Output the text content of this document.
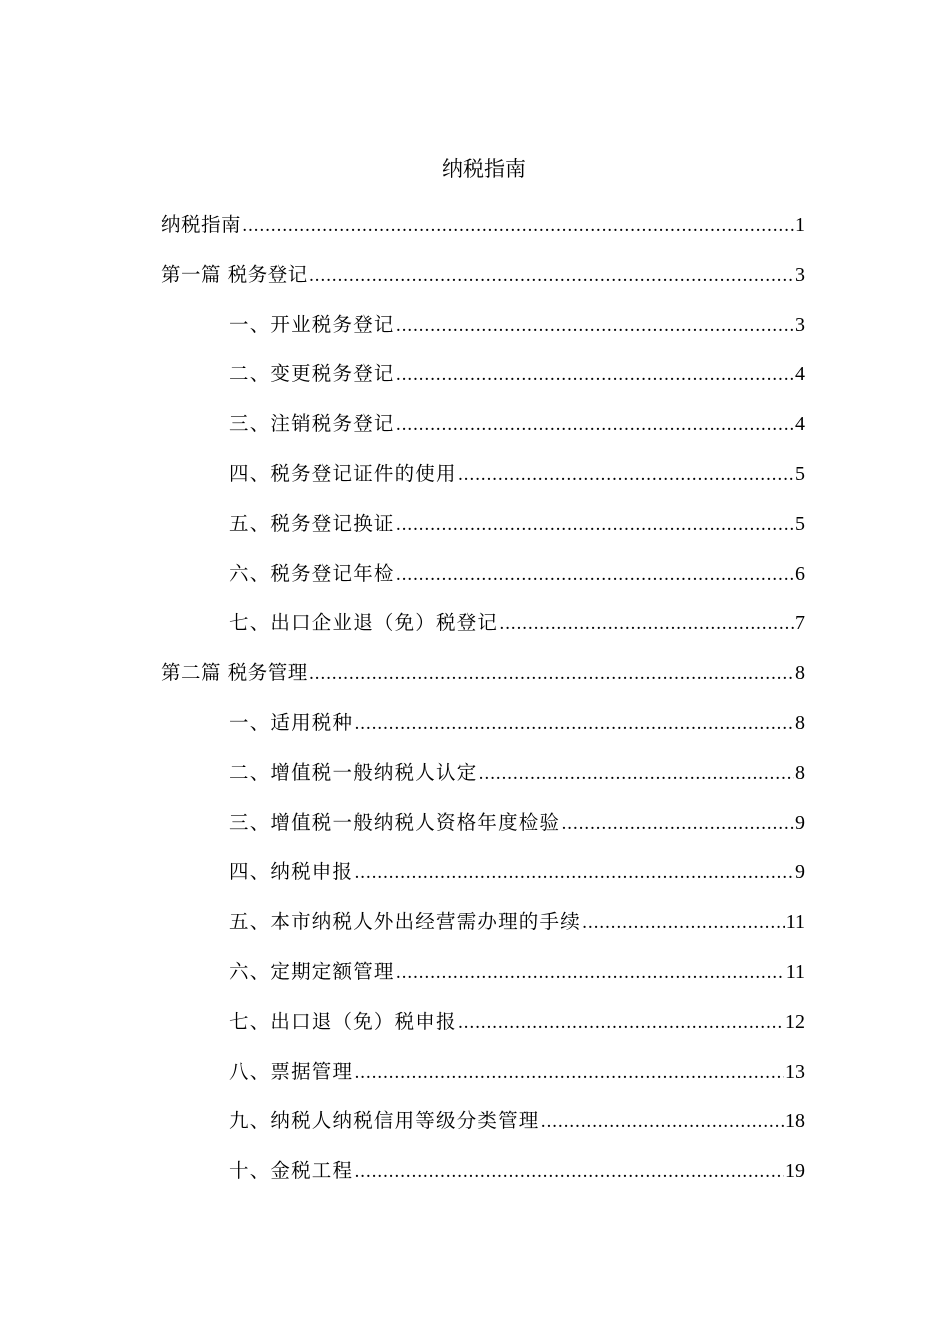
纳税指南
纳税指南 .....	1
第一篇 税务登记 .....	3
一、开业税务登记 .....	3
二、变更税务登记 .....	4
三、注销税务登记 .....	4
四、税务登记证件的使用 .....	5
五、税务登记换证 .....	5
六、税务登记年检 .....	6
七、出口企业退（免）税登记 .....	7
第二篇 税务管理 .....	8
一、适用税种 .....	8
二、增值税一般纳税人认定 .....	8
三、增值税一般纳税人资格年度检验 .....	9
四、纳税申报 .....	9
五、本市纳税人外出经营需办理的手续 .....	11
六、定期定额管理 .....	11
七、出口退（免）税申报 .....	12
八、票据管理 .....	13
九、纳税人纳税信用等级分类管理 .....	18
十、金税工程 .....	19
